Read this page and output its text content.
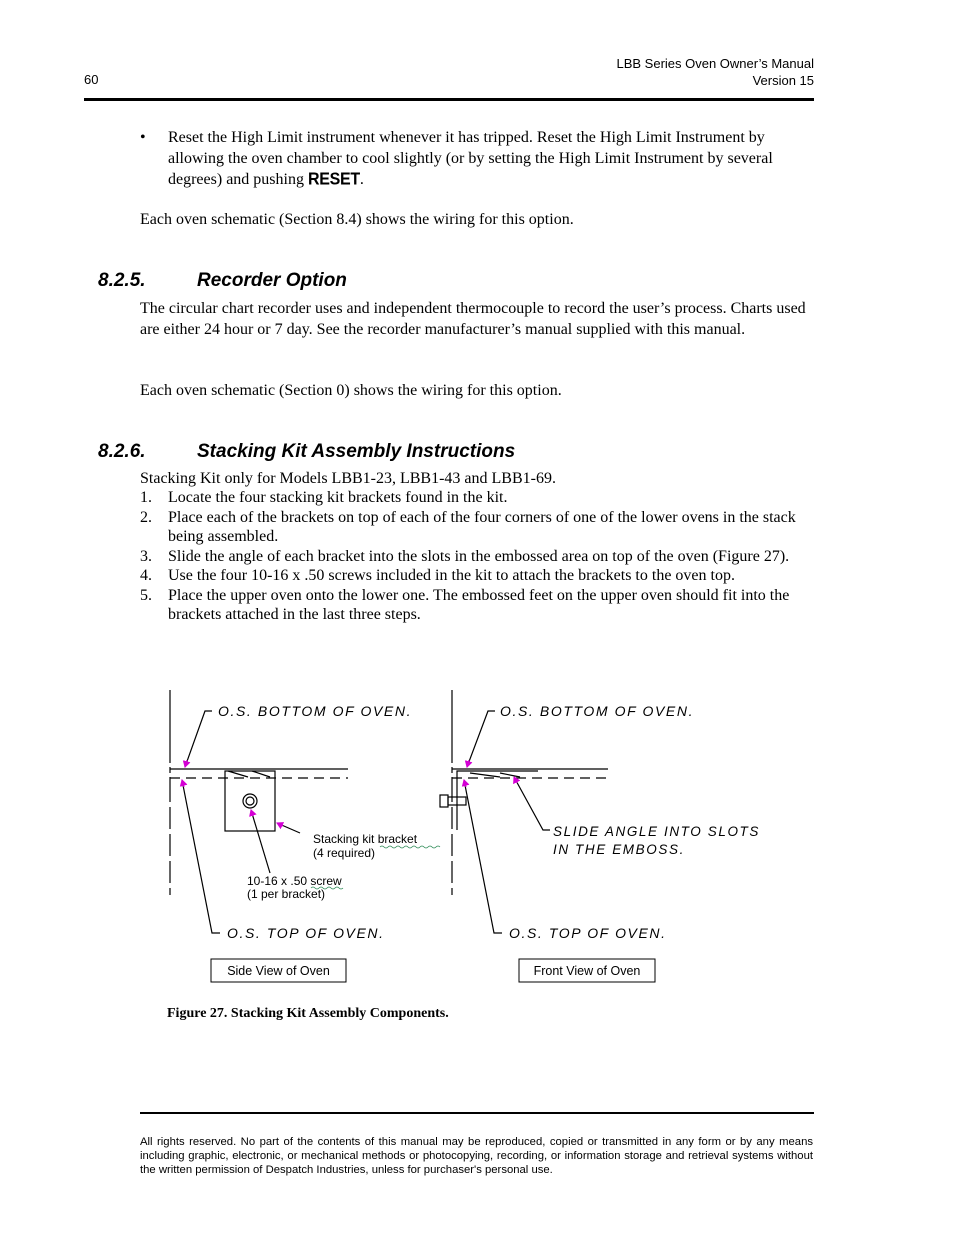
LBB Series Oven Owner’s Manual
Version 15
60
• Reset the High Limit instrument whenever it has tripped. Reset the High Limit Instrument by allowing the oven chamber to cool slightly (or by setting the High Limit Instrument by several degrees) and pushing RESET.
Each oven schematic (Section 8.4) shows the wiring for this option.
8.2.5.	Recorder Option
The circular chart recorder uses and independent thermocouple to record the user’s process. Charts used are either 24 hour or 7 day. See the recorder manufacturer’s manual supplied with this manual.
Each oven schematic (Section 0) shows the wiring for this option.
8.2.6.	Stacking Kit Assembly Instructions
Stacking Kit only for Models LBB1-23, LBB1-43 and LBB1-69.
1. Locate the four stacking kit brackets found in the kit.
2. Place each of the brackets on top of each of the four corners of one of the lower ovens in the stack being assembled.
3. Slide the angle of each bracket into the slots in the embossed area on top of the oven (Figure 27).
4. Use the four 10-16 x .50 screws included in the kit to attach the brackets to the oven top.
5. Place the upper oven onto the lower one. The embossed feet on the upper oven should fit into the brackets attached in the last three steps.
O.S. BOTTOM OF OVEN.
O.S. TOP OF OVEN.
Stacking kit bracket
(4 required)
10-16 x .50 screw
(1 per bracket)
O.S. BOTTOM OF OVEN.
O.S. TOP OF OVEN.
SLIDE ANGLE INTO SLOTS
IN THE EMBOSS.
Side View of Oven	Front View of Oven
Figure 27. Stacking Kit Assembly Components.
All rights reserved. No part of the contents of this manual may be reproduced, copied or transmitted in any form or by any means including graphic, electronic, or mechanical methods or photocopying, recording, or information storage and retrieval systems without the written permission of Despatch Industries, unless for purchaser's personal use.
